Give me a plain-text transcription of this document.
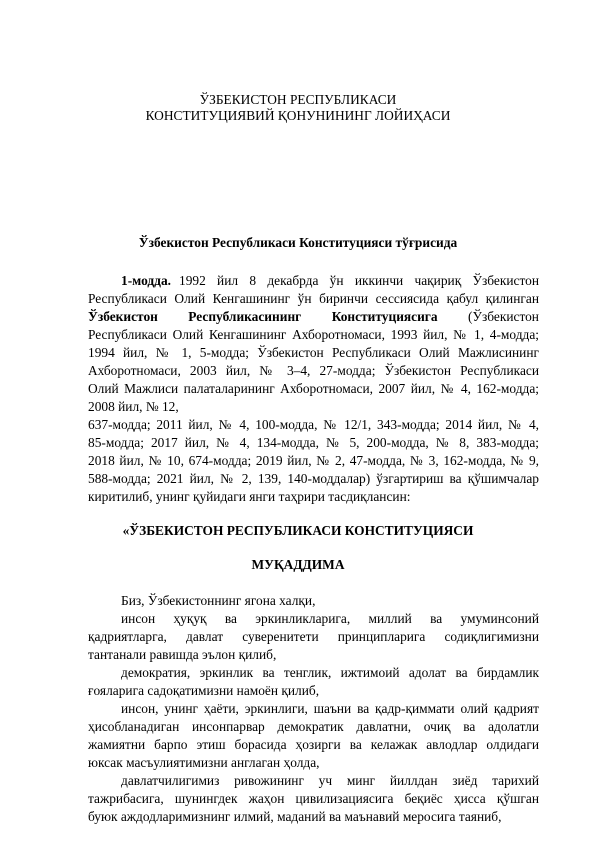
ЎЗБЕКИСТОН РЕСПУБЛИКАСИ
КОНСТИТУЦИЯВИЙ ҚОНУНИНИНГ ЛОЙИҲАСИ
Ўзбекистон Республикаси Конституцияси тўғрисида
1-модда. 1992 йил 8 декабрда ўн иккинчи чақириқ Ўзбекистон
Республикаси Олий Кенгашининг ўн биринчи сессиясида қабул қилинган
Ўзбекистон Республикасининг Конституциясига (Ўзбекистон
Республикаси Олий Кенгашининг Ахборотномаси, 1993 йил, № 1, 4-модда;
1994 йил, № 1, 5-модда; Ўзбекистон Республикаси Олий Мажлисининг
Ахборотномаси, 2003 йил, № 3–4, 27-модда; Ўзбекистон Республикаси
Олий Мажлиси палаталарининг Ахборотномаси, 2007 йил, № 4, 162-модда;
2008 йил, № 12,
637-модда; 2011 йил, № 4, 100-модда, № 12/1, 343-модда; 2014 йил, № 4,
85-модда; 2017 йил, № 4, 134-модда, № 5, 200-модда, № 8, 383-модда;
2018 йил, № 10, 674-модда; 2019 йил, № 2, 47-модда, № 3, 162-модда, № 9,
588-модда; 2021 йил, № 2, 139, 140-моддалар) ўзгартириш ва қўшимчалар
киритилиб, унинг қуйидаги янги таҳрири тасдиқлансин:
«ЎЗБЕКИСТОН РЕСПУБЛИКАСИ КОНСТИТУЦИЯСИ
МУҚАДДИМА
Биз, Ўзбекистоннинг ягона халқи,
инсон ҳуқуқ ва эркинликларига, миллий ва умуминсоний
қадриятларга, давлат суверенитети принципларига содиқлигимизни
тантанали равишда эълон қилиб,
демократия, эркинлик ва тенглик, ижтимоий адолат ва бирдамлик
ғояларига садоқатимизни намоён қилиб,
инсон, унинг ҳаёти, эркинлиги, шаъни ва қадр-қиммати олий қадрият
ҳисобланадиган инсонпарвар демократик давлатни, очиқ ва адолатли
жамиятни барпо этиш борасида ҳозирги ва келажак авлодлар олдидаги
юксак масъулиятимизни англаган ҳолда,
давлатчилигимиз ривожининг уч минг йиллдан зиёд тарихий
тажрибасига, шунингдек жаҳон цивилизациясига беқиёс ҳисса қўшган
буюк аждодларимизнинг илмий, маданий ва маънавий меросига таяниб,
